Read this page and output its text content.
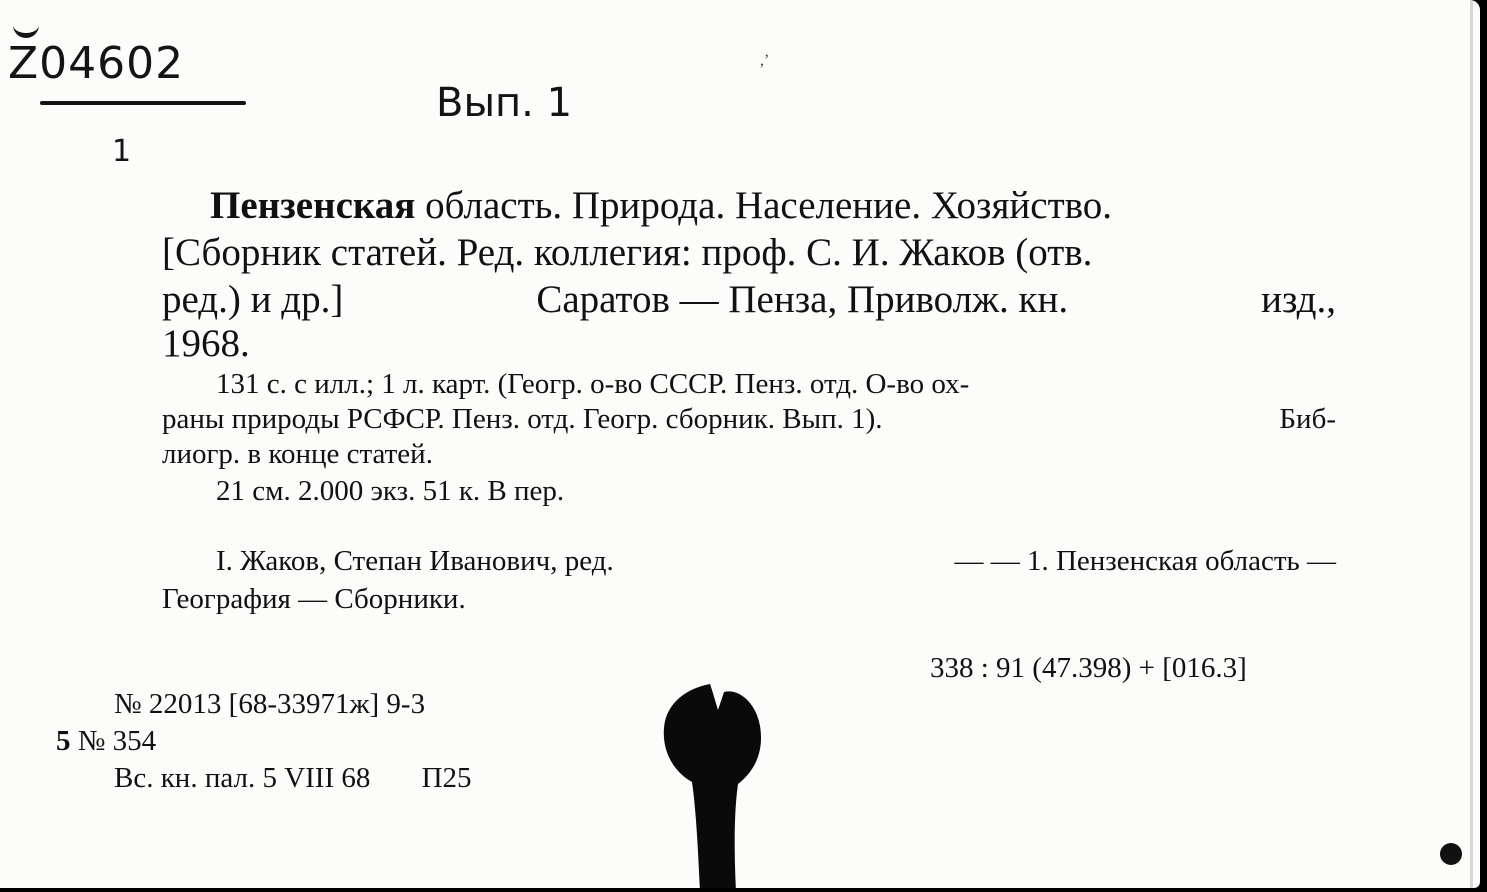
Z04602
1
Вып. 1
,ʼ
Пензенская область. Природа. Население. Хозяйство.
[Сборник статей. Ред. коллегия: проф. С. И. Жаков (отв.
ред.) и др.]	Саратов — Пенза, Приволж. кн.	изд.,
1968.
131 с. с илл.; 1 л. карт. (Геогр. о-во СССР. Пенз. отд. О-во ох-
раны природы РСФСР. Пенз. отд. Геогр. сборник. Вып. 1).	Биб-
лиогр. в конце статей.
21 см. 2.000 экз. 51 к. В пер.
I. Жаков, Степан Иванович, ред.	— — 1. Пензенская область —
География — Сборники.
338 : 91 (47.398) + [016.3]
№ 22013 [68-33971ж] 9-3
5 № 354
Вс. кн. пал. 5 VIII 68 П25
